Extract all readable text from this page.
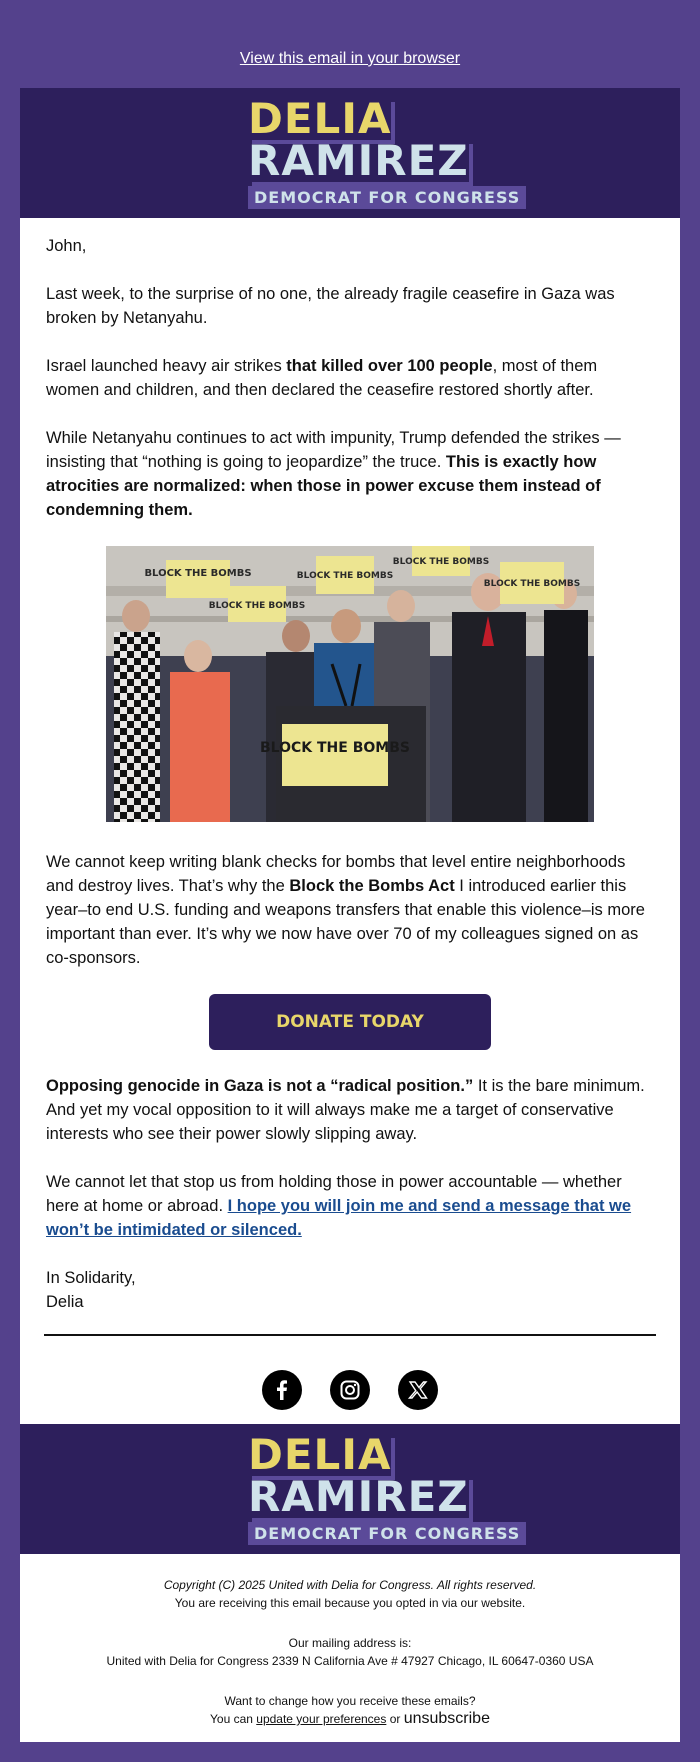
View this email in your browser
DELIA
RAMIREZ
DEMOCRAT FOR CONGRESS

John,

Last week, to the surprise of no one, the already fragile ceasefire in Gaza was broken by Netanyahu.

Israel launched heavy air strikes that killed over 100 people, most of them women and children, and then declared the ceasefire restored shortly after.

While Netanyahu continues to act with impunity, Trump defended the strikes — insisting that “nothing is going to jeopardize” the truce. This is exactly how atrocities are normalized: when those in power excuse them instead of condemning them.

BLOCK THE BOMBS	BLOCK THE BOMBS
BLOCK THE BOMBS
BLOCK THE BOMBS
BLOCK THE BOMBS
BLOCK THE BOMBS

We cannot keep writing blank checks for bombs that level entire neighborhoods and destroy lives. That’s why the Block the Bombs Act I introduced earlier this year–to end U.S. funding and weapons transfers that enable this violence–is more important than ever. It’s why we now have over 70 of my colleagues signed on as co-sponsors.

DONATE TODAY

Opposing genocide in Gaza is not a “radical position.” It is the bare minimum. And yet my vocal opposition to it will always make me a target of conservative interests who see their power slowly slipping away.

We cannot let that stop us from holding those in power accountable — whether here at home or abroad. I hope you will join me and send a message that we won’t be intimidated or silenced.

In Solidarity,
Delia

DELIA
RAMIREZ
DEMOCRAT FOR CONGRESS
Copyright (C) 2025 United with Delia for Congress. All rights reserved.
You are receiving this email because you opted in via our website.
Our mailing address is:
United with Delia for Congress 2339 N California Ave # 47927 Chicago, IL 60647-0360 USA
Want to change how you receive these emails?
You can update your preferences or unsubscribe
